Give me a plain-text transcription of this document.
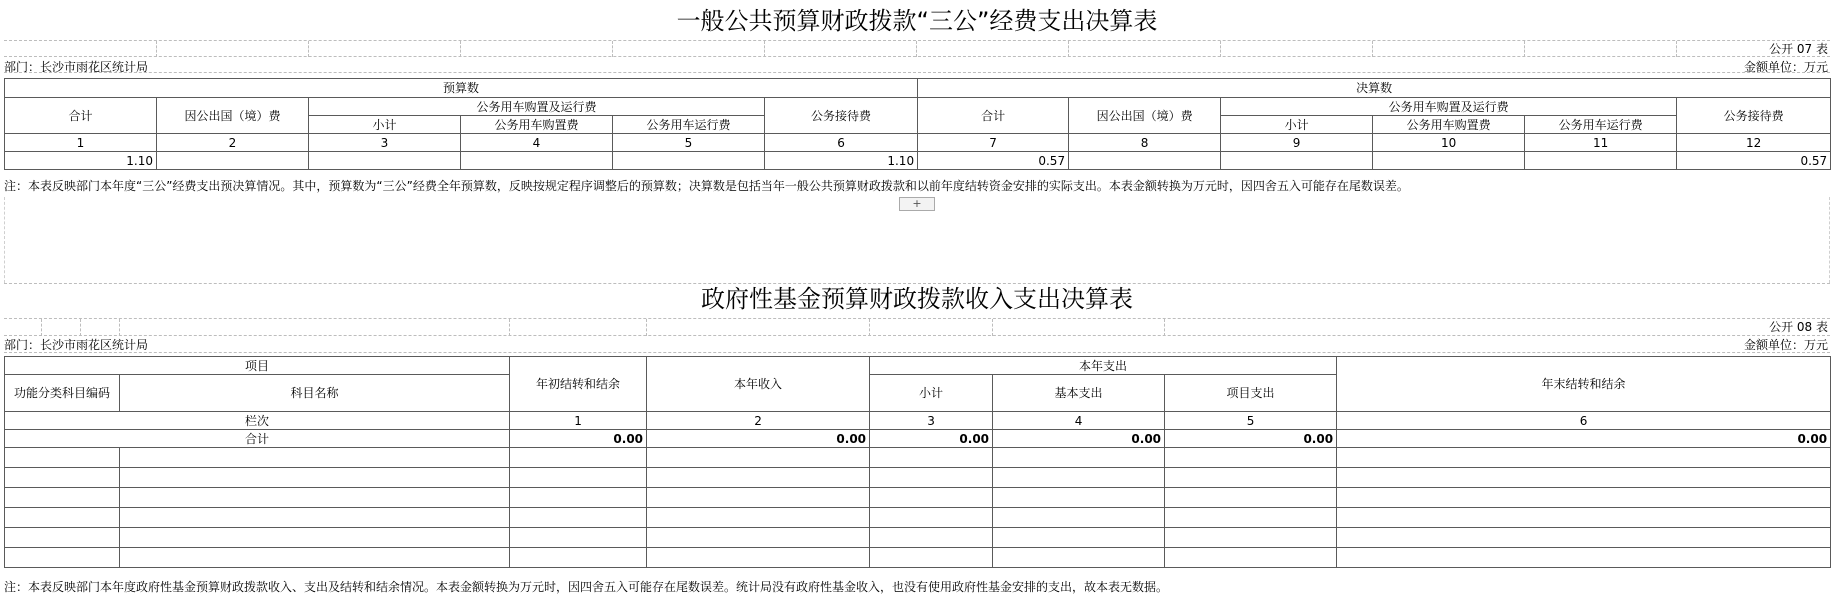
一般公共预算财政拨款“三公”经费支出决算表
公开 07 表
部门：长沙市雨花区统计局	金额单位：万元
预算数						决算数					
合计	因公出国（境）费	公务用车购置及运行费			公务接待费	合计	因公出国（境）费	公务用车购置及运行费			公务接待费
		小计	公务用车购置费	公务用车运行费				小计	公务用车购置费	公务用车运行费	
1	2	3	4	5	6	7	8	9	10	11	12
1.10					1.10	0.57					0.57
注：本表反映部门本年度“三公”经费支出预决算情况。其中，预算数为“三公”经费全年预算数，反映按规定程序调整后的预算数；决算数是包括当年一般公共预算财政拨款和以前年度结转资金安排的实际支出。本表金额转换为万元时，因四舍五入可能存在尾数误差。
+
政府性基金预算财政拨款收入支出决算表
公开 08 表
部门：长沙市雨花区统计局	金额单位：万元
项目		年初结转和结余	本年收入	本年支出			年末结转和结余
功能分类科目编码	科目名称			小计	基本支出	项目支出	
栏次		1	2	3	4	5	6
合计		0.00	0.00	0.00	0.00	0.00	0.00

注：本表反映部门本年度政府性基金预算财政拨款收入、支出及结转和结余情况。本表金额转换为万元时，因四舍五入可能存在尾数误差。统计局没有政府性基金收入，也没有使用政府性基金安排的支出，故本表无数据。
